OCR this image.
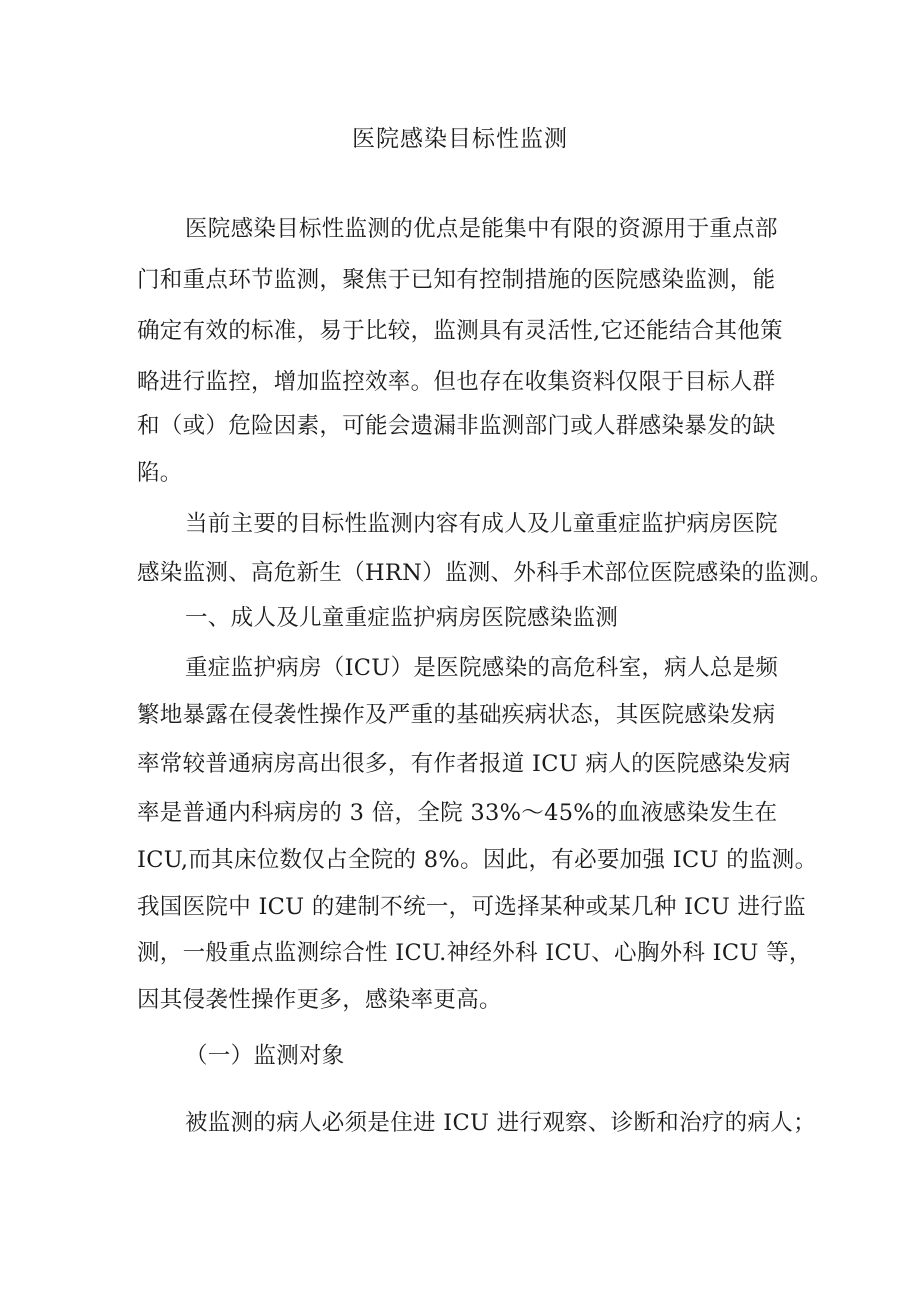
医院感染目标性监测
医院感染目标性监测的优点是能集中有限的资源用于重点部
门和重点环节监测，聚焦于已知有控制措施的医院感染监测，能
确定有效的标准，易于比较，监测具有灵活性,它还能结合其他策
略进行监控，增加监控效率。但也存在收集资料仅限于目标人群
和（或）危险因素，可能会遗漏非监测部门或人群感染暴发的缺
陷。
当前主要的目标性监测内容有成人及儿童重症监护病房医院
感染监测、高危新生（HRN）监测、外科手术部位医院感染的监测。
一、成人及儿童重症监护病房医院感染监测
重症监护病房（ICU）是医院感染的高危科室，病人总是频
繁地暴露在侵袭性操作及严重的基础疾病状态，其医院感染发病
率常较普通病房高出很多，有作者报道 ICU 病人的医院感染发病
率是普通内科病房的 3 倍，全院 33%～45%的血液感染发生在
ICU,而其床位数仅占全院的 8%。因此，有必要加强 ICU 的监测。
我国医院中 ICU 的建制不统一，可选择某种或某几种 ICU 进行监
测，一般重点监测综合性 ICU.神经外科 ICU、心胸外科 ICU 等，
因其侵袭性操作更多，感染率更高。
（一）监测对象
被监测的病人必须是住进 ICU 进行观察、诊断和治疗的病人；
